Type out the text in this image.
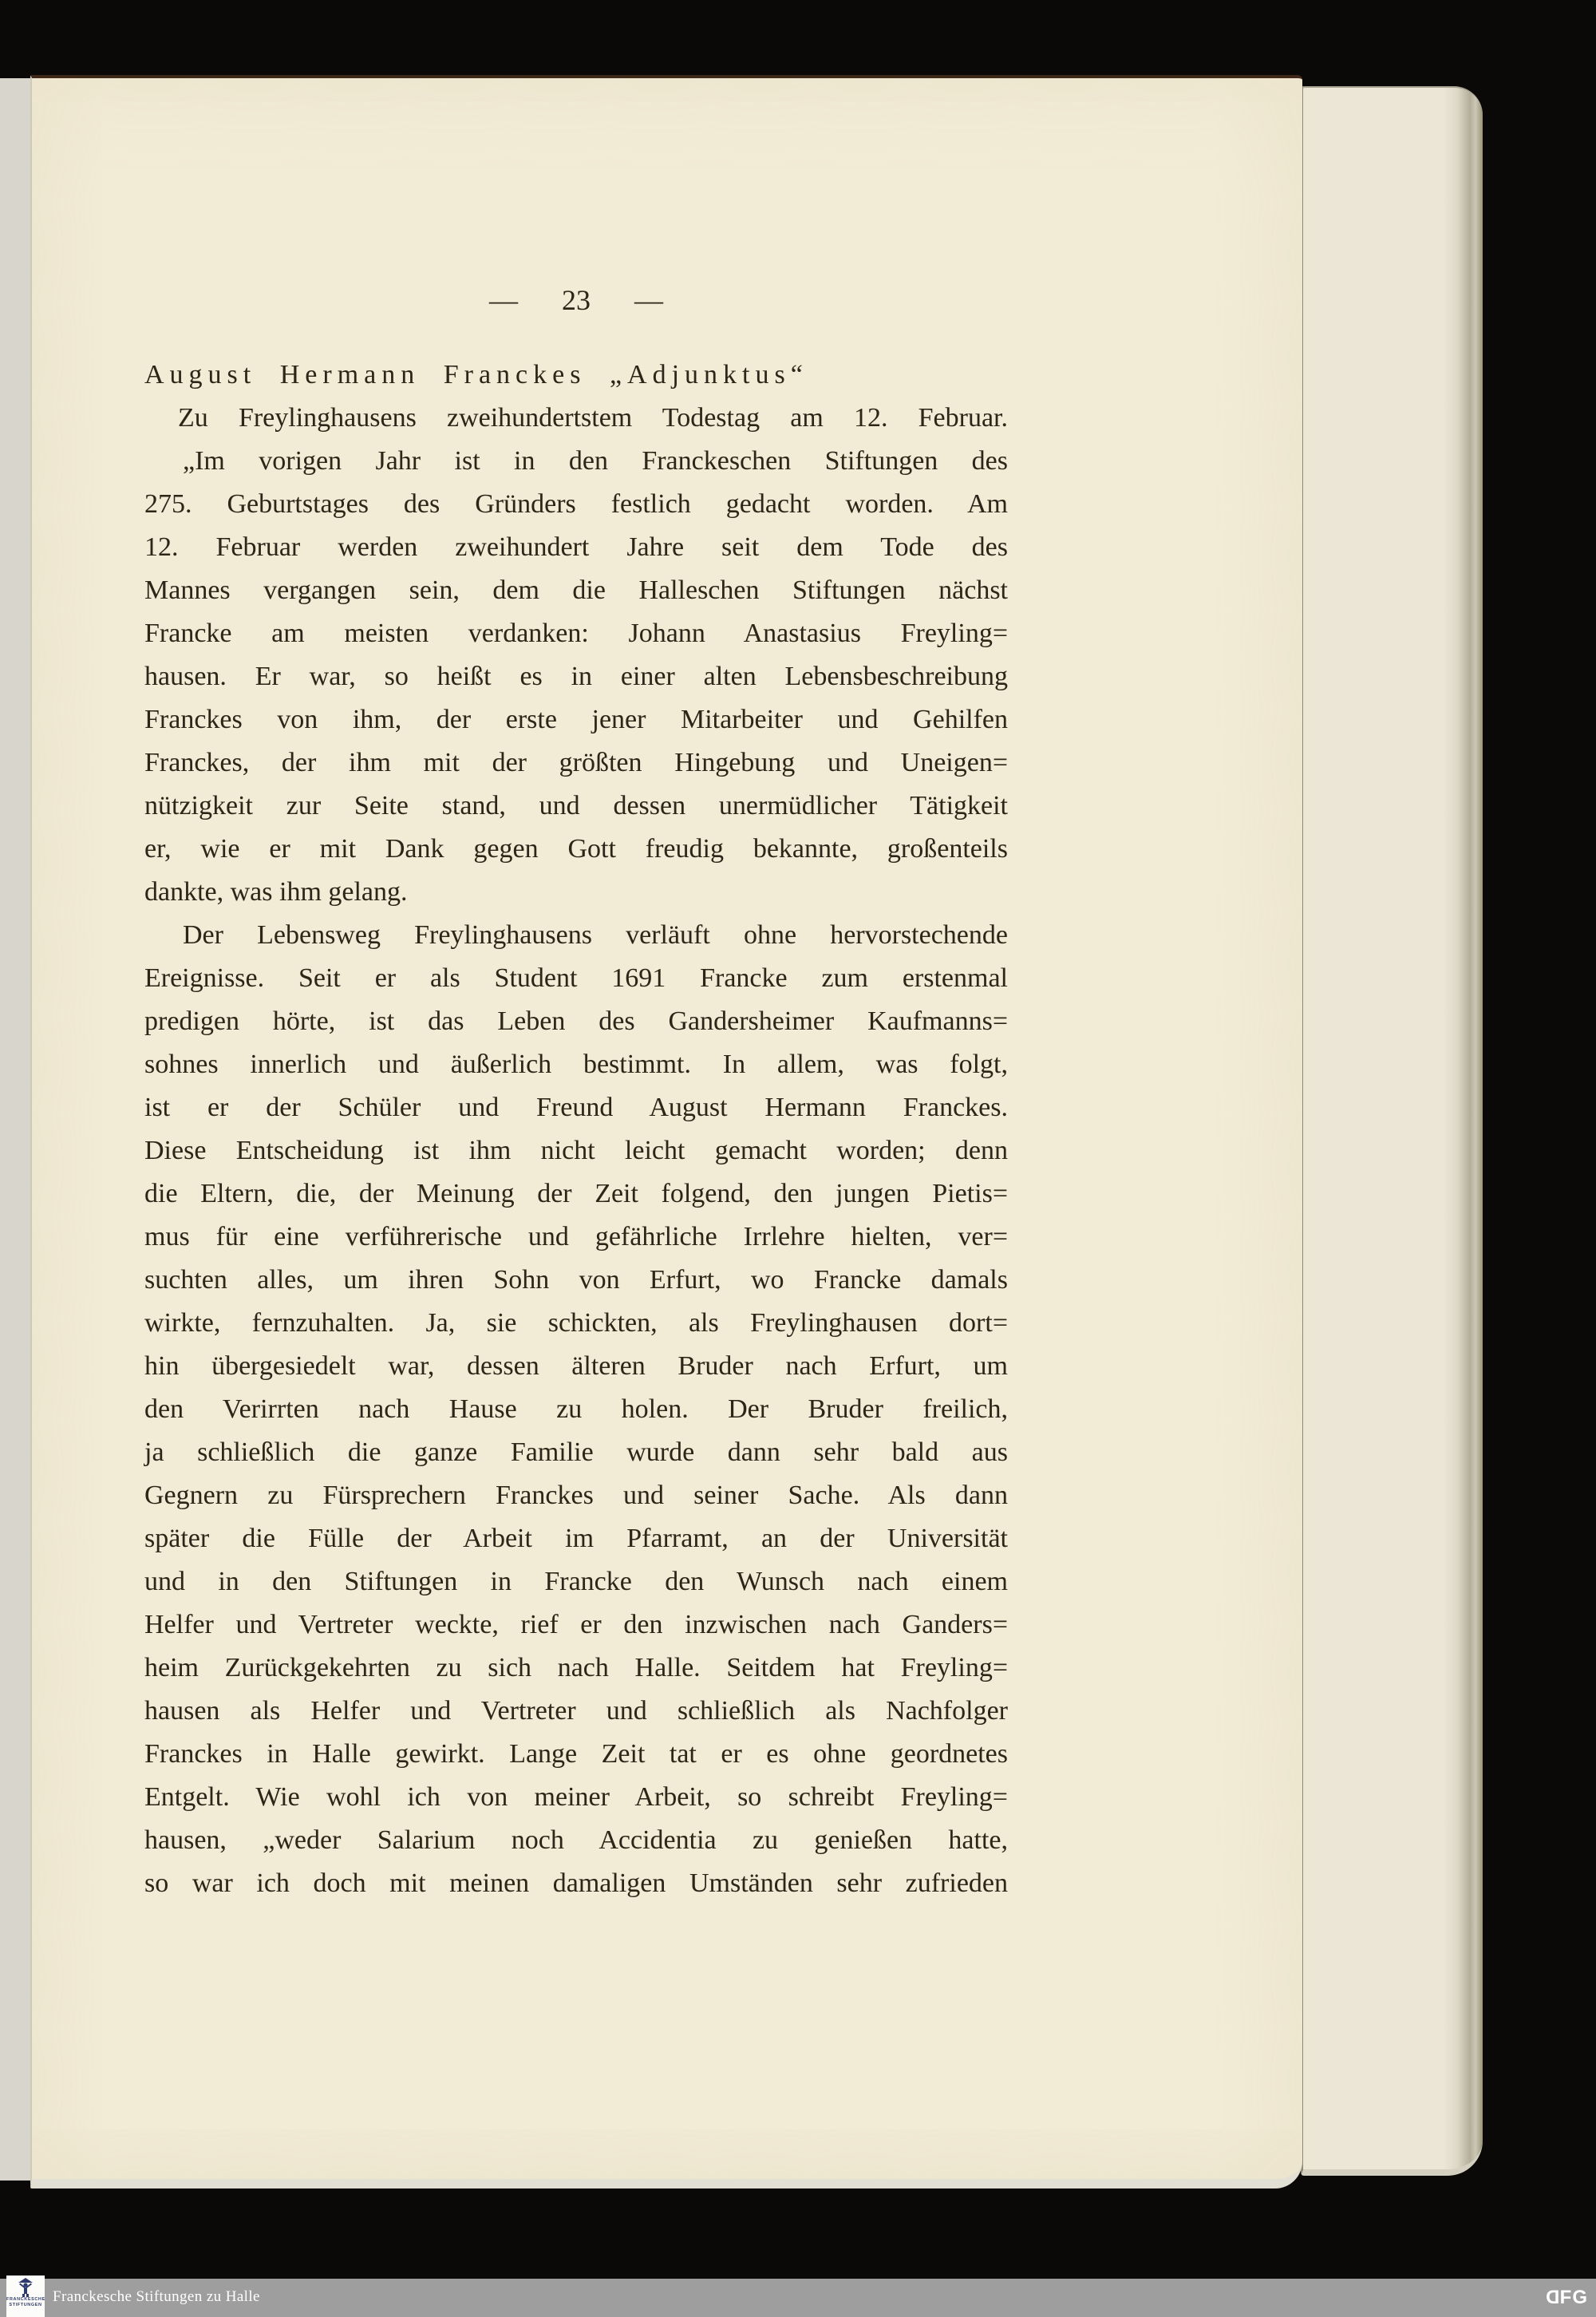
— 23 —
August Hermann Franckes „Adjunktus“
Zu Freylinghausens zweihundertstem Todestag am 12. Februar.
„Im vorigen Jahr ist in den Franckeschen Stiftungen des
275. Geburtstages des Gründers festlich gedacht worden. Am
12. Februar werden zweihundert Jahre seit dem Tode des
Mannes vergangen sein, dem die Halleschen Stiftungen nächst
Francke am meisten verdanken: Johann Anastasius Freyling=
hausen. Er war, so heißt es in einer alten Lebensbeschreibung
Franckes von ihm, der erste jener Mitarbeiter und Gehilfen
Franckes, der ihm mit der größten Hingebung und Uneigen=
nützigkeit zur Seite stand, und dessen unermüdlicher Tätigkeit
er, wie er mit Dank gegen Gott freudig bekannte, großenteils
dankte, was ihm gelang.
Der Lebensweg Freylinghausens verläuft ohne hervorstechende
Ereignisse. Seit er als Student 1691 Francke zum erstenmal
predigen hörte, ist das Leben des Gandersheimer Kaufmanns=
sohnes innerlich und äußerlich bestimmt. In allem, was folgt,
ist er der Schüler und Freund August Hermann Franckes.
Diese Entscheidung ist ihm nicht leicht gemacht worden; denn
die Eltern, die, der Meinung der Zeit folgend, den jungen Pietis=
mus für eine verführerische und gefährliche Irrlehre hielten, ver=
suchten alles, um ihren Sohn von Erfurt, wo Francke damals
wirkte, fernzuhalten. Ja, sie schickten, als Freylinghausen dort=
hin übergesiedelt war, dessen älteren Bruder nach Erfurt, um
den Verirrten nach Hause zu holen. Der Bruder freilich,
ja schließlich die ganze Familie wurde dann sehr bald aus
Gegnern zu Fürsprechern Franckes und seiner Sache. Als dann
später die Fülle der Arbeit im Pfarramt, an der Universität
und in den Stiftungen in Francke den Wunsch nach einem
Helfer und Vertreter weckte, rief er den inzwischen nach Ganders=
heim Zurückgekehrten zu sich nach Halle. Seitdem hat Freyling=
hausen als Helfer und Vertreter und schließlich als Nachfolger
Franckes in Halle gewirkt. Lange Zeit tat er es ohne geordnetes
Entgelt. Wie wohl ich von meiner Arbeit, so schreibt Freyling=
hausen, „weder Salarium noch Accidentia zu genießen hatte,
so war ich doch mit meinen damaligen Umständen sehr zufrieden
FRANCKESCHE
STIFTUNGEN Franckesche Stiftungen zu Halle	DFG
